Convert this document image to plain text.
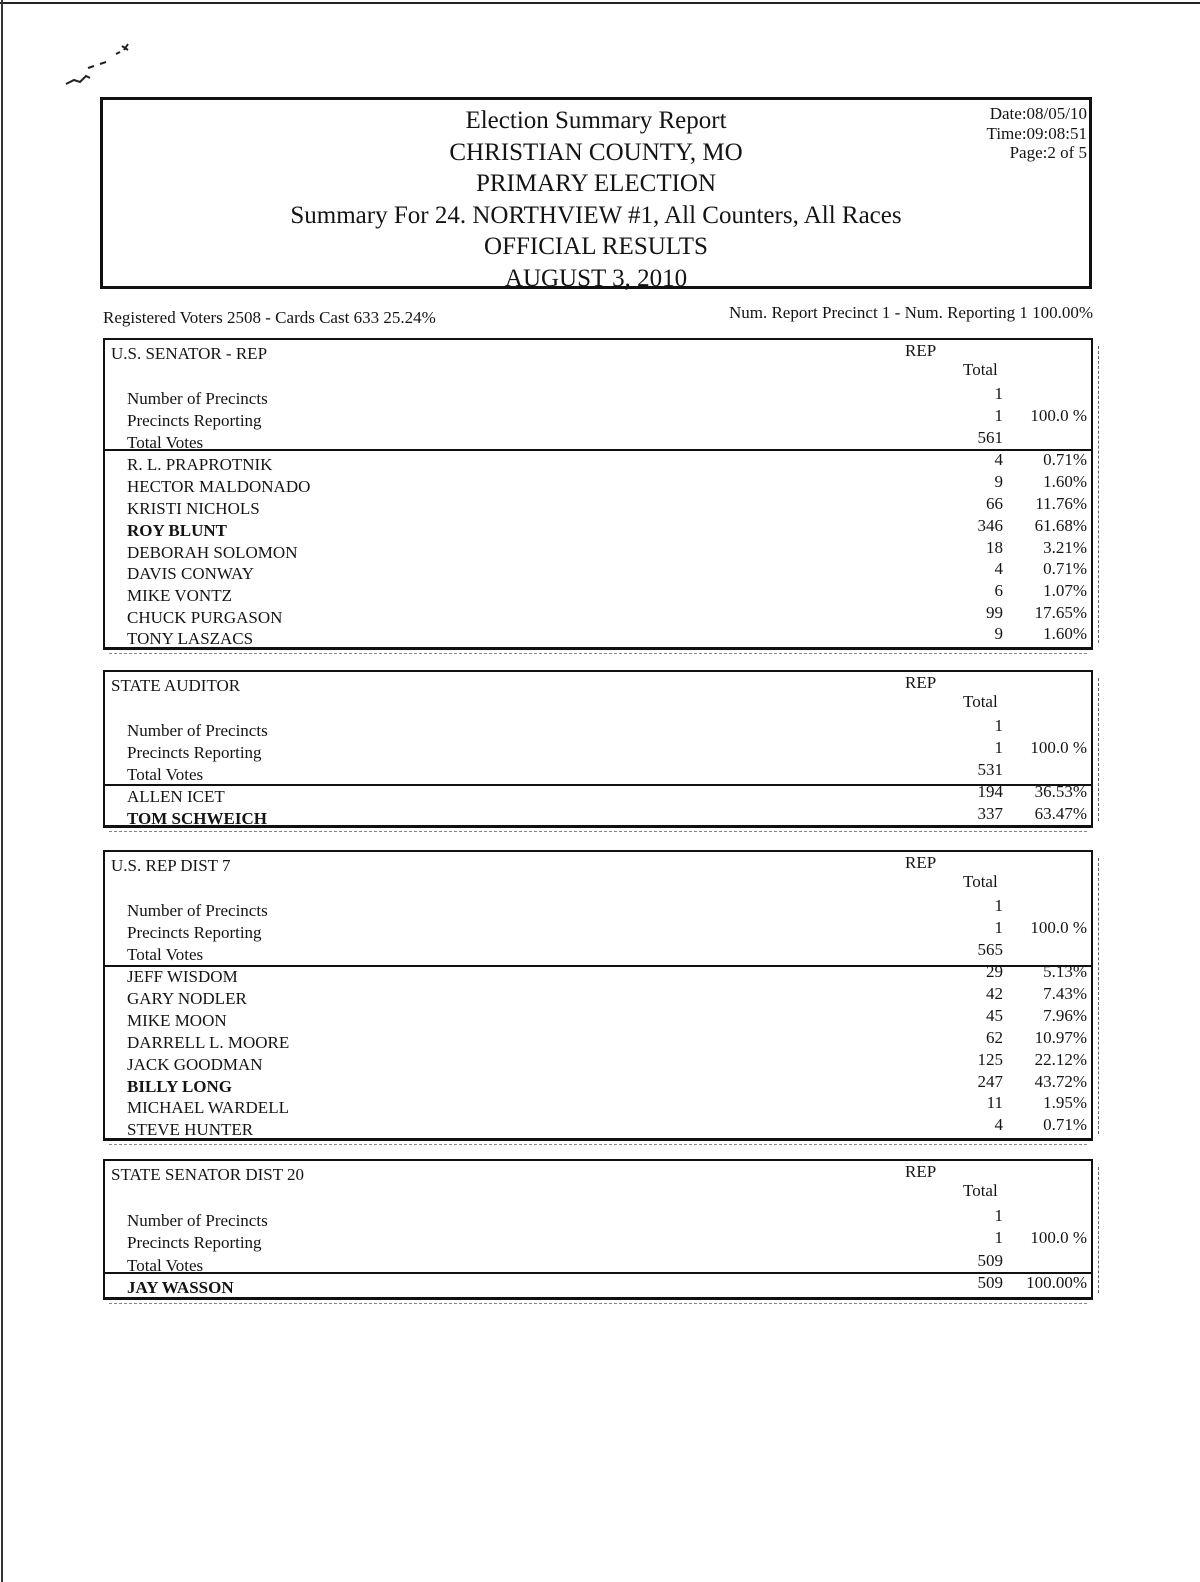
Election Summary Report
CHRISTIAN COUNTY, MO
PRIMARY ELECTION
Summary For 24. NORTHVIEW #1, All Counters, All Races
OFFICIAL RESULTS
AUGUST 3, 2010
Date:08/05/10
Time:09:08:51
Page:2 of 5
Registered Voters 2508 - Cards Cast 633 25.24%	Num. Report Precinct 1 - Num. Reporting 1 100.00%
U.S. SENATOR - REP	REP
Total
Number of Precincts	1
Precincts Reporting	1 100.0 %
Total Votes	561
R. L. PRAPROTNIK	4 0.71%
HECTOR MALDONADO	9 1.60%
KRISTI NICHOLS	66 11.76%
ROY BLUNT	346 61.68%
DEBORAH SOLOMON	18 3.21%
DAVIS CONWAY	4 0.71%
MIKE VONTZ	6 1.07%
CHUCK PURGASON	99 17.65%
TONY LASZACS	9 1.60%
STATE AUDITOR	REP
Total
Number of Precincts	1
Precincts Reporting	1 100.0 %
Total Votes	531
ALLEN ICET	194 36.53%
TOM SCHWEICH	337 63.47%
U.S. REP DIST 7	REP
Total
Number of Precincts	1
Precincts Reporting	1 100.0 %
Total Votes	565
JEFF WISDOM	29 5.13%
GARY NODLER	42 7.43%
MIKE MOON	45 7.96%
DARRELL L. MOORE	62 10.97%
JACK GOODMAN	125 22.12%
BILLY LONG	247 43.72%
MICHAEL WARDELL	11 1.95%
STEVE HUNTER	4 0.71%
STATE SENATOR DIST 20	REP
Total
Number of Precincts	1
Precincts Reporting	1 100.0 %
Total Votes	509
JAY WASSON	509 100.00%
